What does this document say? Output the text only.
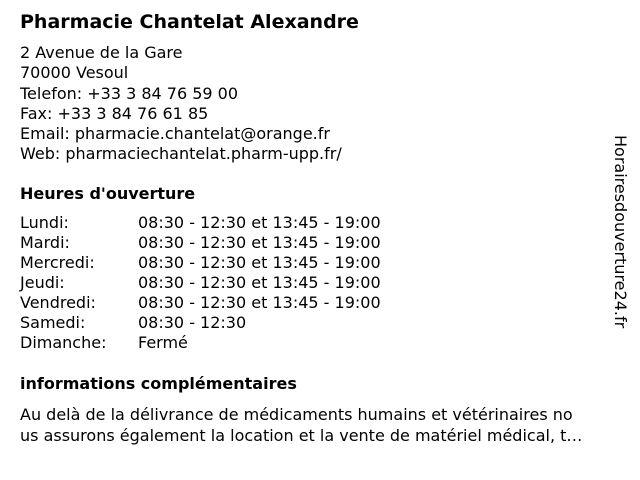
Pharmacie Chantelat Alexandre
2 Avenue de la Gare
70000 Vesoul
Telefon: +33 3 84 76 59 00
Fax: +33 3 84 76 61 85
Email: pharmacie.chantelat@orange.fr
Web: pharmaciechantelat.pharm-upp.fr/
Heures d'ouverture
Lundi:	08:30 - 12:30 et 13:45 - 19:00
Mardi:	08:30 - 12:30 et 13:45 - 19:00
Mercredi:	08:30 - 12:30 et 13:45 - 19:00
Jeudi:	08:30 - 12:30 et 13:45 - 19:00
Vendredi:	08:30 - 12:30 et 13:45 - 19:00
Samedi:	08:30 - 12:30
Dimanche: Fermé
informations complémentaires
Au delà de la délivrance de médicaments humains et vétérinaires no
us assurons également la location et la vente de matériel médical, t…
Horairesdouverture24.fr
